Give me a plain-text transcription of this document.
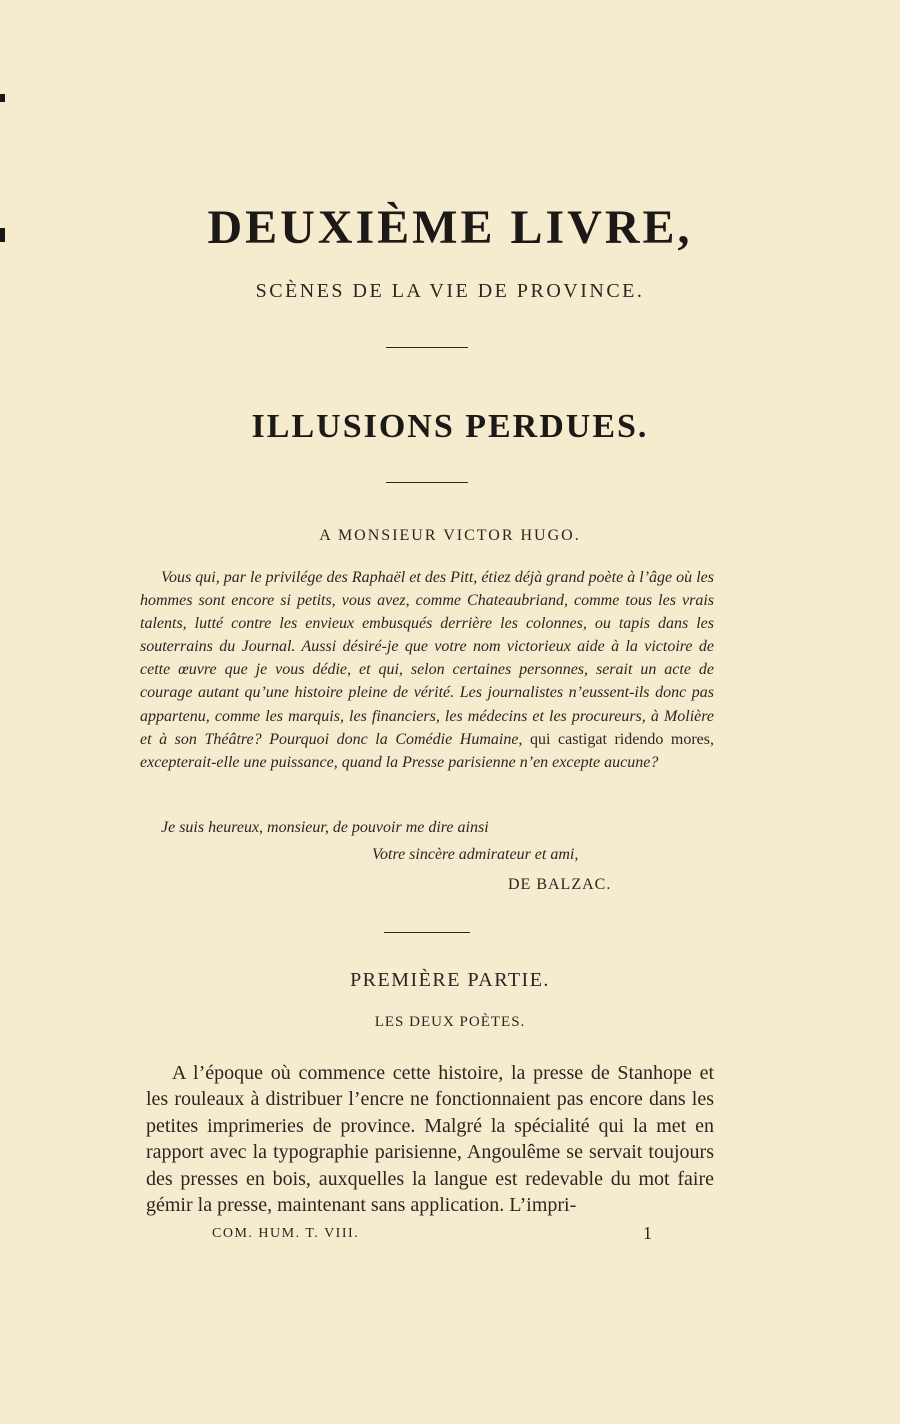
DEUXIÈME LIVRE,
SCÈNES DE LA VIE DE PROVINCE.
ILLUSIONS PERDUES.
A MONSIEUR VICTOR HUGO.

Vous qui, par le privilége des Raphaël et des Pitt, étiez déjà grand poète à l’âge où les hommes sont encore si petits, vous avez, comme Chateaubriand, comme tous les vrais talents, lutté contre les envieux embusqués derrière les colonnes, ou tapis dans les souterrains du Journal. Aussi désiré-je que votre nom victorieux aide à la victoire de cette œuvre que je vous dédie, et qui, selon certaines personnes, serait un acte de courage autant qu’une histoire pleine de vérité. Les journalistes n’eussent-ils donc pas appartenu, comme les marquis, les financiers, les médecins et les procureurs, à Molière et à son Théâtre? Pourquoi donc la Comédie Humaine, qui castigat ridendo mores, excepterait-elle une puissance, quand la Presse parisienne n’en excepte aucune?

Je suis heureux, monsieur, de pouvoir me dire ainsi
Votre sincère admirateur et ami,
DE BALZAC.
PREMIÈRE PARTIE.
LES DEUX POÈTES.

A l’époque où commence cette histoire, la presse de Stanhope et les rouleaux à distribuer l’encre ne fonctionnaient pas encore dans les petites imprimeries de province. Malgré la spécialité qui la met en rapport avec la typographie parisienne, Angoulême se servait toujours des presses en bois, auxquelles la langue est redevable du mot faire gémir la presse, maintenant sans application. L’impri-

COM. HUM. T. VIII.	1
